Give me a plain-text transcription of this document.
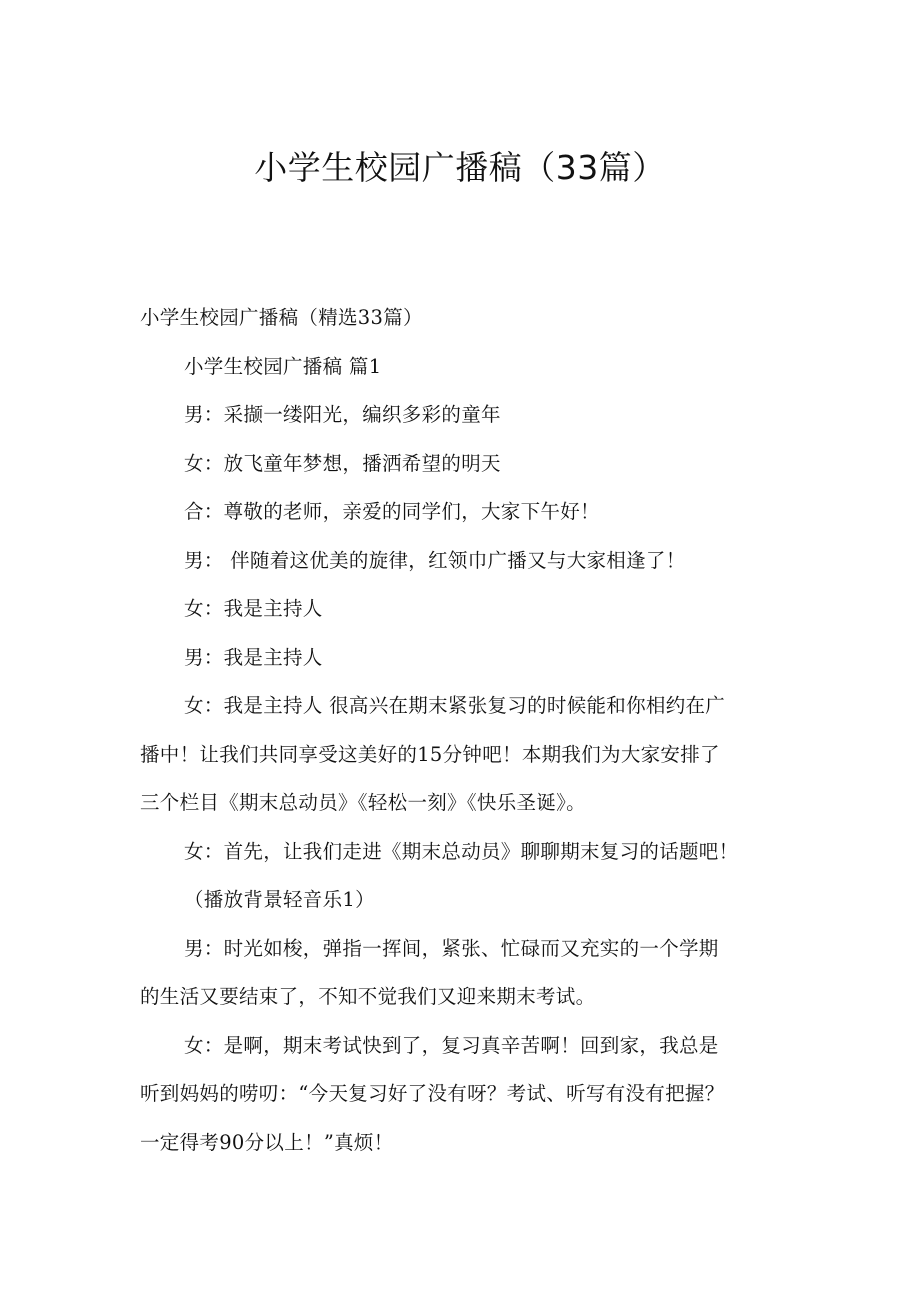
小学生校园广播稿（33篇）
小学生校园广播稿（精选33篇）
小学生校园广播稿 篇1
男：采撷一缕阳光，编织多彩的童年
女：放飞童年梦想，播洒希望的明天
合：尊敬的老师，亲爱的同学们，大家下午好！
男： 伴随着这优美的旋律，红领巾广播又与大家相逢了！
女：我是主持人
男：我是主持人
女：我是主持人 很高兴在期末紧张复习的时候能和你相约在广
播中！让我们共同享受这美好的15分钟吧！本期我们为大家安排了
三个栏目《期末总动员》《轻松一刻》《快乐圣诞》。
女：首先，让我们走进《期末总动员》聊聊期末复习的话题吧！
（播放背景轻音乐1）
男：时光如梭，弹指一挥间，紧张、忙碌而又充实的一个学期
的生活又要结束了，不知不觉我们又迎来期末考试。
女：是啊，期末考试快到了，复习真辛苦啊！回到家，我总是
听到妈妈的唠叨：“今天复习好了没有呀？考试、听写有没有把握？
一定得考90分以上！”真烦！
